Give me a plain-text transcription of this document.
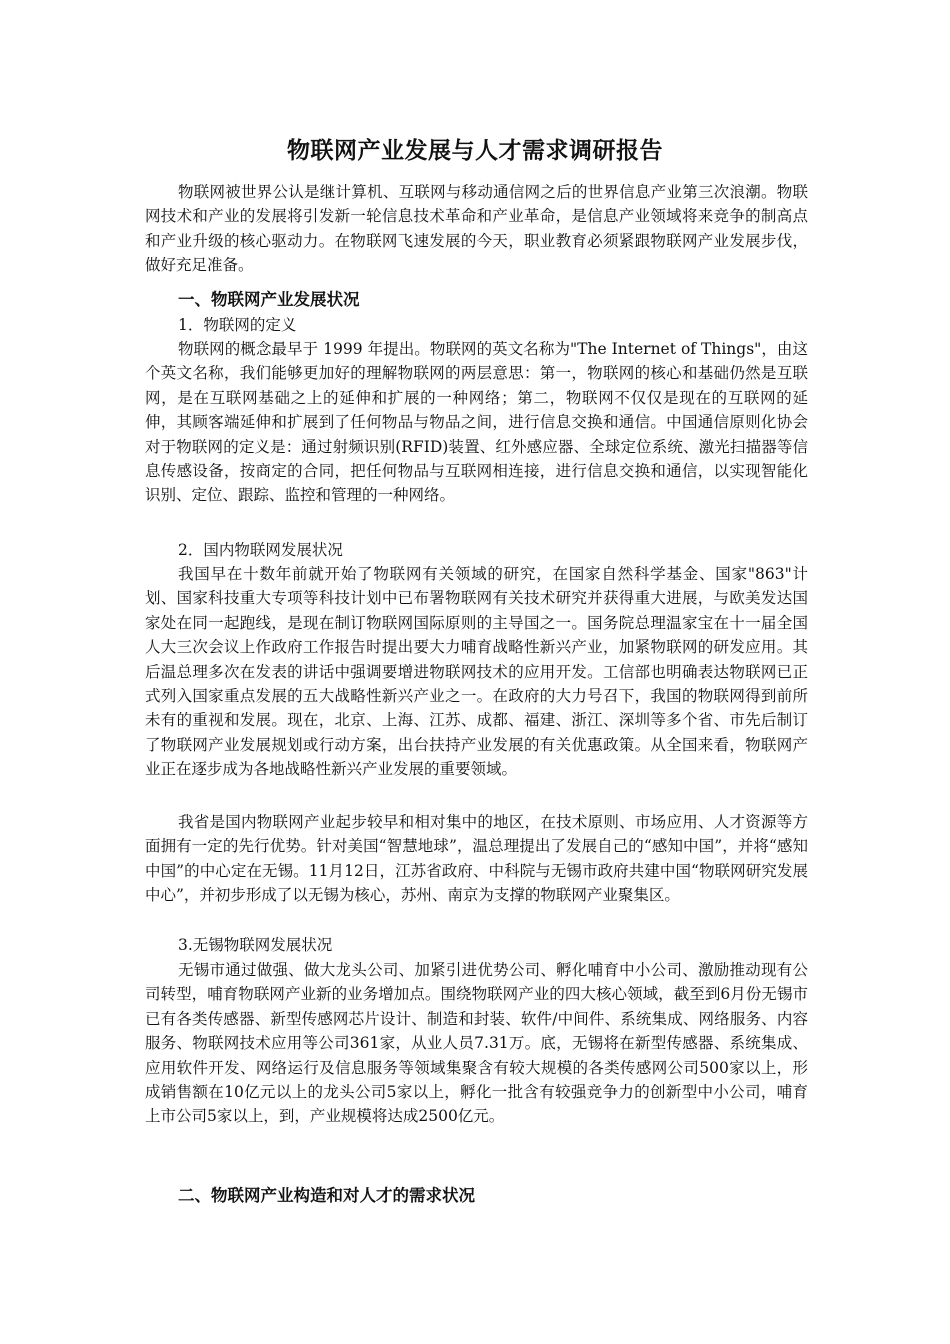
物联网产业发展与人才需求调研报告

物联网被世界公认是继计算机、互联网与移动通信网之后的世界信息产业第三次浪潮。物联网技术和产业的发展将引发新一轮信息技术革命和产业革命，是信息产业领域将来竞争的制高点和产业升级的核心驱动力。在物联网飞速发展的今天，职业教育必须紧跟物联网产业发展步伐，做好充足准备。

一、物联网产业发展状况
1．物联网的定义

物联网的概念最早于 1999 年提出。物联网的英文名称为"The Internet of Things"，由这个英文名称，我们能够更加好的理解物联网的两层意思：第一，物联网的核心和基础仍然是互联网，是在互联网基础之上的延伸和扩展的一种网络；第二，物联网不仅仅是现在的互联网的延伸，其顾客端延伸和扩展到了任何物品与物品之间，进行信息交换和通信。中国通信原则化协会对于物联网的定义是：通过射频识别(RFID)装置、红外感应器、全球定位系统、激光扫描器等信息传感设备，按商定的合同，把任何物品与互联网相连接，进行信息交换和通信，以实现智能化识别、定位、跟踪、监控和管理的一种网络。

2．国内物联网发展状况

我国早在十数年前就开始了物联网有关领域的研究，在国家自然科学基金、国家"863"计划、国家科技重大专项等科技计划中已布署物联网有关技术研究并获得重大进展，与欧美发达国家处在同一起跑线，是现在制订物联网国际原则的主导国之一。国务院总理温家宝在十一届全国人大三次会议上作政府工作报告时提出要大力哺育战略性新兴产业，加紧物联网的研发应用。其后温总理多次在发表的讲话中强调要增进物联网技术的应用开发。工信部也明确表达物联网已正式列入国家重点发展的五大战略性新兴产业之一。在政府的大力号召下，我国的物联网得到前所未有的重视和发展。现在，北京、上海、江苏、成都、福建、浙江、深圳等多个省、市先后制订了物联网产业发展规划或行动方案，出台扶持产业发展的有关优惠政策。从全国来看，物联网产业正在逐步成为各地战略性新兴产业发展的重要领域。

我省是国内物联网产业起步较早和相对集中的地区，在技术原则、市场应用、人才资源等方面拥有一定的先行优势。针对美国“智慧地球”，温总理提出了发展自己的“感知中国”，并将“感知中国”的中心定在无锡。11月12日，江苏省政府、中科院与无锡市政府共建中国“物联网研究发展中心”，并初步形成了以无锡为核心，苏州、南京为支撑的物联网产业聚集区。

3.无锡物联网发展状况

无锡市通过做强、做大龙头公司、加紧引进优势公司、孵化哺育中小公司、激励推动现有公司转型，哺育物联网产业新的业务增加点。围绕物联网产业的四大核心领域，截至到6月份无锡市已有各类传感器、新型传感网芯片设计、制造和封装、软件/中间件、系统集成、网络服务、内容服务、物联网技术应用等公司361家，从业人员7.31万。底，无锡将在新型传感器、系统集成、应用软件开发、网络运行及信息服务等领域集聚含有较大规模的各类传感网公司500家以上，形成销售额在10亿元以上的龙头公司5家以上，孵化一批含有较强竞争力的创新型中小公司，哺育上市公司5家以上，到，产业规模将达成2500亿元。

二、物联网产业构造和对人才的需求状况
